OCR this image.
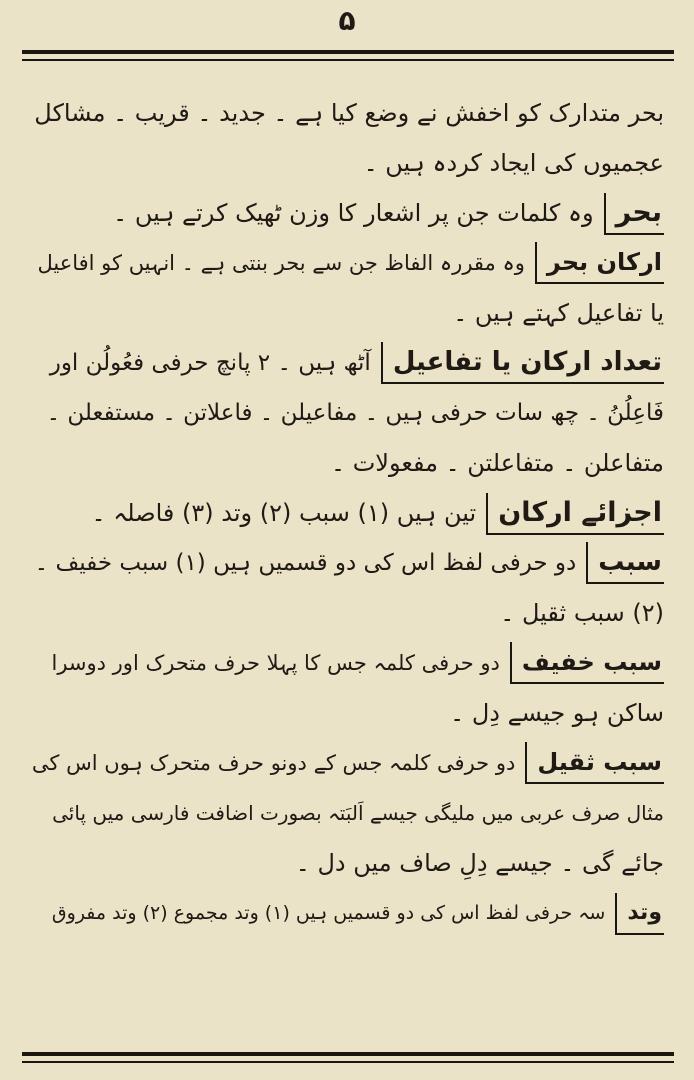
۵
بحر متدارک کو اخفش نے وضع کیا ہے ۔ جدید ۔ قریب ۔ مشاکل
عجمیوں کی ایجاد کردہ ہیں ۔
بحروہ کلمات جن پر اشعار کا وزن ٹھیک کرتے ہیں ۔
ارکان بحروہ مقررہ الفاظ جن سے بحر بنتی ہے ۔ انہیں کو افاعیل
یا تفاعیل کہتے ہیں ۔
تعداد ارکان یا تفاعیلآٹھ ہیں ۔ ۲ پانچ حرفی فعُولُن اور
فَاعِلُنُ ۔ چھ سات حرفی ہیں ۔ مفاعیلن ۔ فاعلاتن ۔ مستفعلن ۔
متفاعلن ۔ متفاعلتن ۔ مفعولات ۔
اجزائے ارکانتین ہیں (۱) سبب (۲) وتد (۳) فاصلہ ۔
سببدو حرفی لفظ اس کی دو قسمیں ہیں (۱) سبب خفیف ۔
(۲) سبب ثقیل ۔
سبب خفیفدو حرفی کلمہ جس کا پہلا حرف متحرک اور دوسرا
ساکن ہو جیسے دِل ۔
سبب ثقیلدو حرفی کلمہ جس کے دونو حرف متحرک ہوں اس کی
مثال صرف عربی میں ملیگی جیسے اَلبَتہ بصورت اضافت فارسی میں پائی
جائے گی ۔ جیسے دِلِ صاف میں دل ۔
وتدسہ حرفی لفظ اس کی دو قسمیں ہیں (۱) وتد مجموع (۲) وتد مفروق
